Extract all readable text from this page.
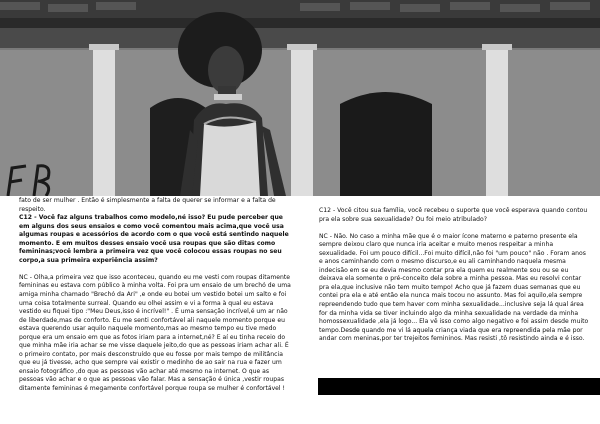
fato de ser mulher . Então é simplesmente a falta de querer se informar e a falta de respeito.
C12 - Você faz alguns trabalhos como modelo,né isso? Eu pude perceber que em alguns dos seus ensaios e como você comentou mais acima,que você usa algumas roupas e acessórios de acordo com o que você está sentindo naquele momento. E em muitos desses ensaio você usa roupas que são ditas como femininas;você lembra a primeira vez que você colocou essas roupas no seu corpo,a sua primeira experiência assim?

NC - Olha,a primeira vez que isso aconteceu, quando eu me vesti com roupas ditamente femininas eu estava com público à minha volta. Foi pra um ensaio de um brechó de uma amiga minha chamado "Brechó da Ari" ,e onde eu botei um vestido botei um salto e foi uma coisa totalmente surreal. Quando eu olhei assim e vi a forma à qual eu estava vestido eu fiquei tipo :"Meu Deus,isso é incrível!" . É uma sensação incrível,é um ar não de liberdade,mas de conforto. Eu me senti confortável ali naquele momento porque eu estava querendo usar aquilo naquele momento,mas ao mesmo tempo eu tive medo porque era um ensaio em que as fotos iriam para a internet,né? E aí eu tinha receio do que minha mãe iria achar se me visse daquele jeito,do que as pessoas iriam achar ali. É o primeiro contato, por mais desconstruído que eu fosse por mais tempo de militância que eu já tivesse, acho que sempre vai existir o medinho de ao sair na rua e fazer um ensaio fotográfico ,do que as pessoas vão achar até mesmo na internet. O que as pessoas vão achar e o que as pessoas vão falar. Mas a sensação é única ,vestir roupas ditamente femininas é megamente confortável porque roupa se mulher é confortável !
C12 - Você citou sua família, você recebeu o suporte que você esperava quando contou pra ela sobre sua sexualidade? Ou foi meio atribulado?

NC - Não. No caso a minha mãe que é o maior ícone materno e paterno presente ela sempre deixou claro que nunca iria aceitar e muito menos respeitar a minha sexualidade. Foi um pouco difícil...Foi muito difícil,não foi "um pouco" não . Foram anos e anos caminhando com o mesmo discurso,e eu ali caminhando naquela mesma indecisão em se eu devia mesmo contar pra ela quem eu realmente sou ou se eu deixava ela somente o pré-conceito dela sobre a minha pessoa. Mas eu resolvi contar pra ela,que inclusive não tem muito tempo! Acho que já fazem duas semanas que eu contei pra ela e até então ela nunca mais tocou no assunto. Mas foi aquilo,ela sempre repreendendo tudo que tem haver com minha sexualidade...inclusive seja lá qual área for da minha vida se tiver incluindo algo da minha sexualidade na verdade da minha homossexualidade ,ela já logo... Ela vê isso como algo negativo e foi assim desde muito tempo.Desde quando me vi lá aquela criança viada que era repreendida pela mãe por andar com meninas,por ter trejeitos femininos. Mas resisti ,tô resistindo ainda e é isso.
